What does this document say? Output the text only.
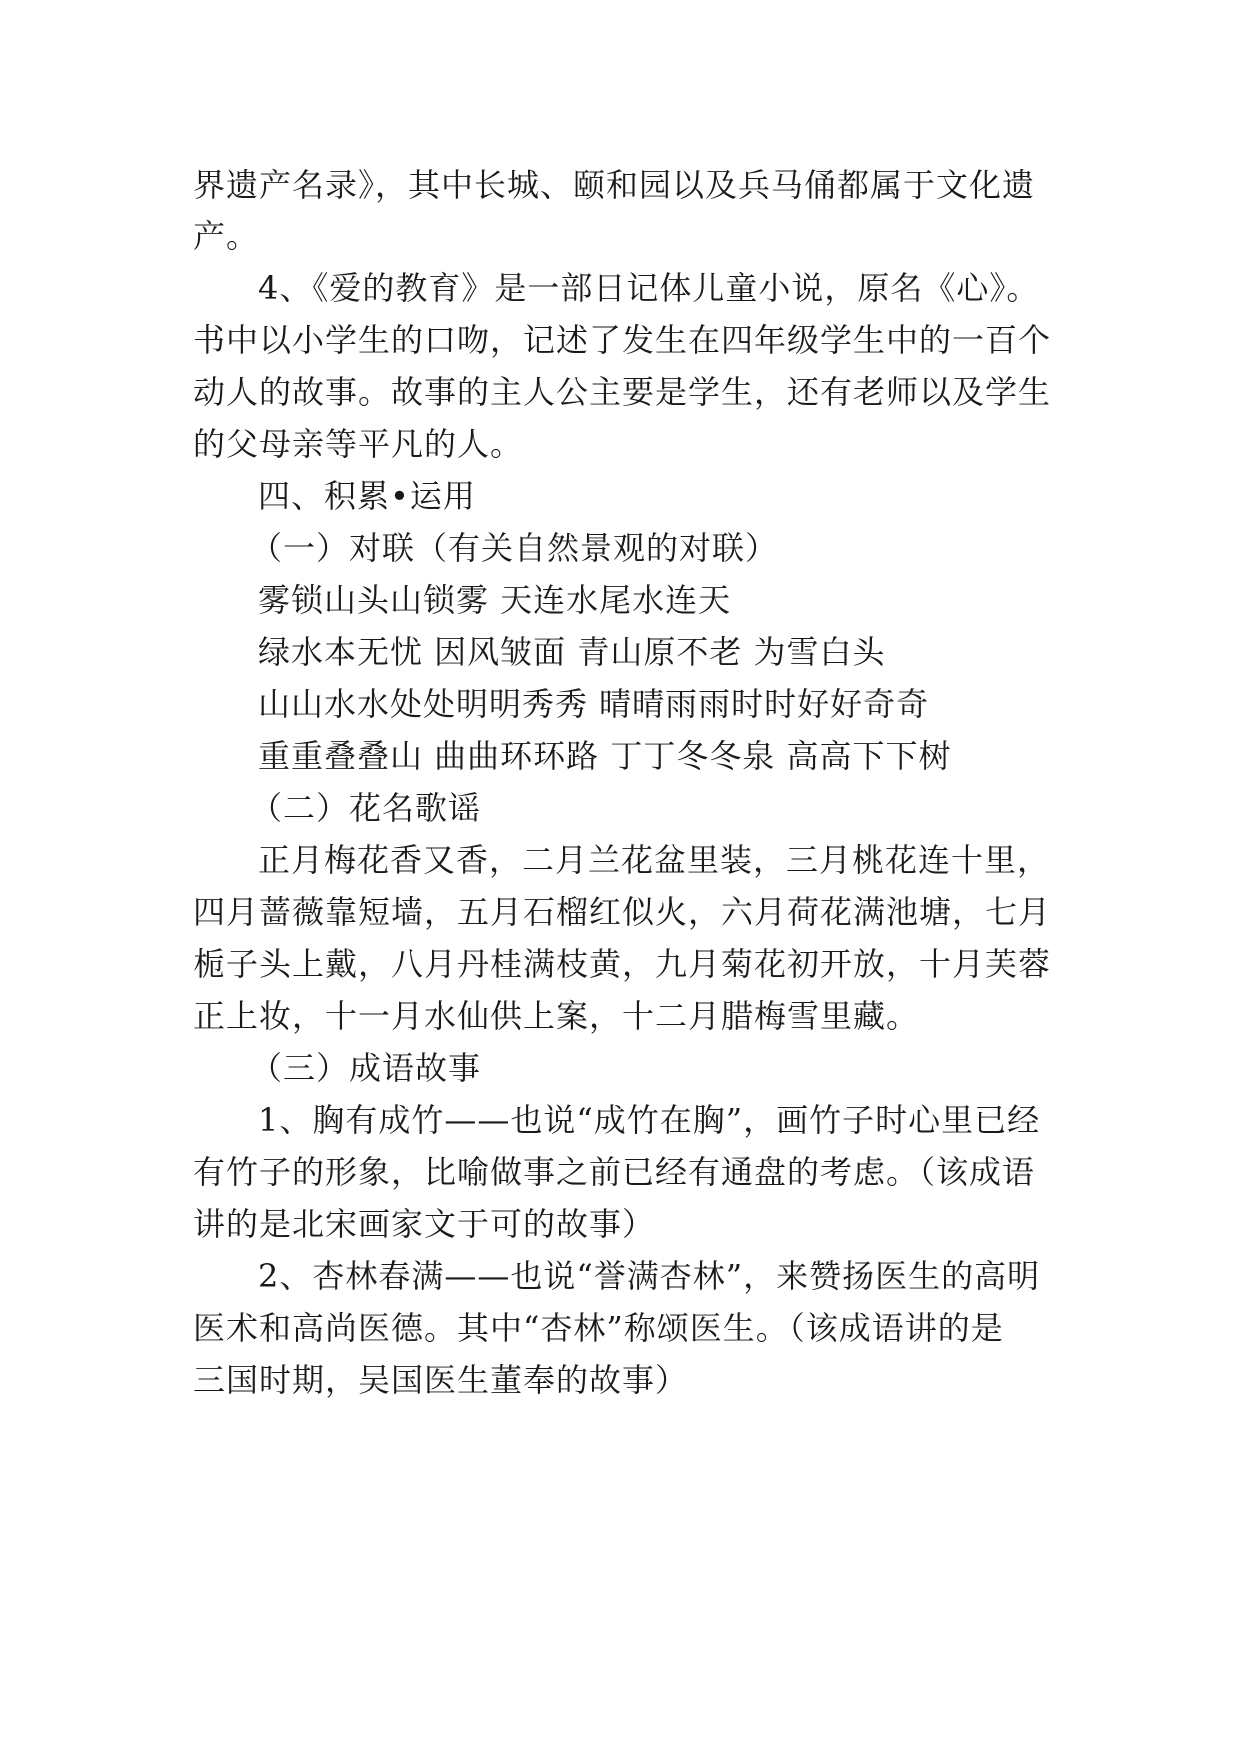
界遗产名录》，其中长城、颐和园以及兵马俑都属于文化遗
产。
4、《爱的教育》是一部日记体儿童小说，原名《心》。
书中以小学生的口吻，记述了发生在四年级学生中的一百个
动人的故事。故事的主人公主要是学生，还有老师以及学生
的父母亲等平凡的人。
四、积累•运用
（一）对联（有关自然景观的对联）
雾锁山头山锁雾 天连水尾水连天
绿水本无忧 因风皱面 青山原不老 为雪白头
山山水水处处明明秀秀 晴晴雨雨时时好好奇奇
重重叠叠山 曲曲环环路 丁丁冬冬泉 高高下下树
（二）花名歌谣
正月梅花香又香，二月兰花盆里装，三月桃花连十里，
四月蔷薇靠短墙，五月石榴红似火，六月荷花满池塘，七月
栀子头上戴，八月丹桂满枝黄，九月菊花初开放，十月芙蓉
正上妆，十一月水仙供上案，十二月腊梅雪里藏。
（三）成语故事
1、胸有成竹——也说“成竹在胸”，画竹子时心里已经
有竹子的形象，比喻做事之前已经有通盘的考虑。（该成语
讲的是北宋画家文于可的故事）
2、杏林春满——也说“誉满杏林”，来赞扬医生的高明
医术和高尚医德。其中“杏林”称颂医生。（该成语讲的是
三国时期，吴国医生董奉的故事）
